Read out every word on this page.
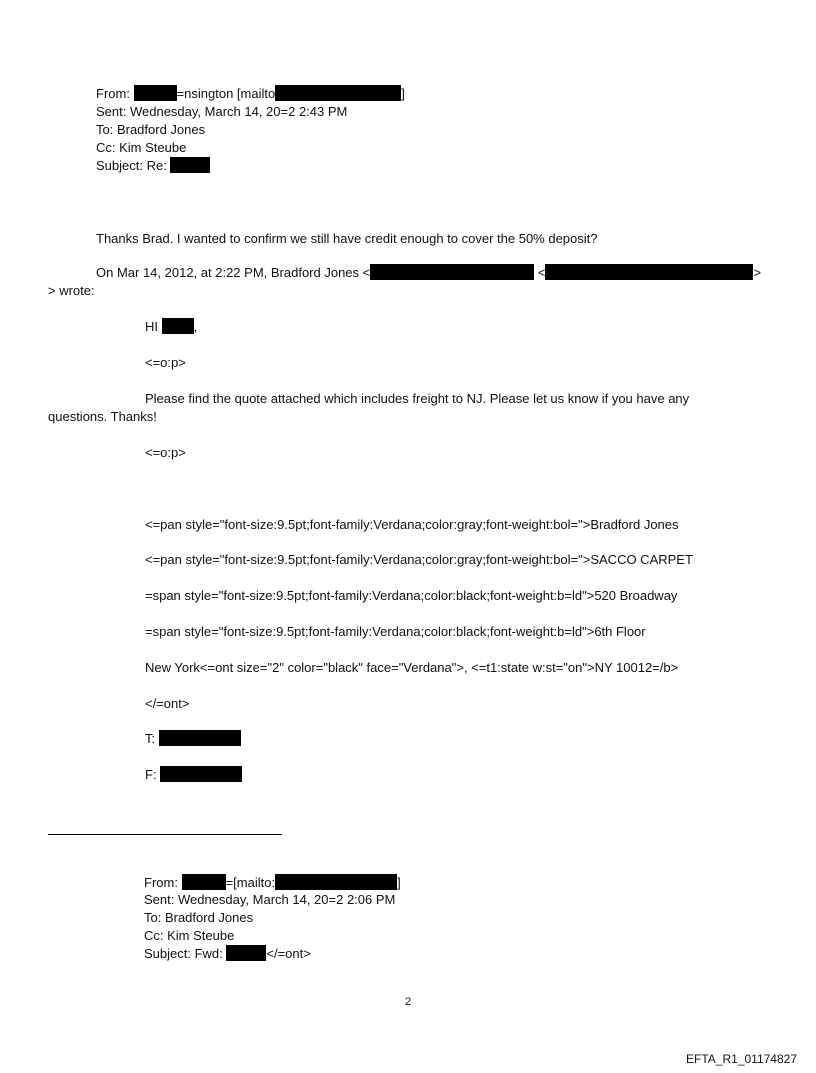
From:	=nsington [mailto	]
Sent: Wednesday, March 14, 20=2 2:43 PM
To: Bradford Jones
Cc: Kim Steube
Subject: Re:
Thanks Brad. I wanted to confirm we still have credit enough to cover the 50% deposit?
On Mar 14, 2012, at 2:22 PM, Bradford Jones <	<	>
> wrote:
HI	,
<=o:p>
Please find the quote attached which includes freight to NJ. Please let us know if you have any
questions. Thanks!
<=o:p>
<=pan style="font-size:9.5pt;font-family:Verdana;color:gray;font-weight:bol=">Bradford Jones
<=pan style="font-size:9.5pt;font-family:Verdana;color:gray;font-weight:bol=">SACCO CARPET
=span style="font-size:9.5pt;font-family:Verdana;color:black;font-weight:b=ld">520 Broadway
=span style="font-size:9.5pt;font-family:Verdana;color:black;font-weight:b=ld">6th Floor
New York<=ont size="2" color="black" face="Verdana">, <=t1:state w:st="on">NY 10012=/b>
</=ont>
T:
F:
From:	=[mailto:	]
Sent: Wednesday, March 14, 20=2 2:06 PM
To: Bradford Jones
Cc: Kim Steube
Subject: Fwd:	</=ont>
2
EFTA_R1_01174827
